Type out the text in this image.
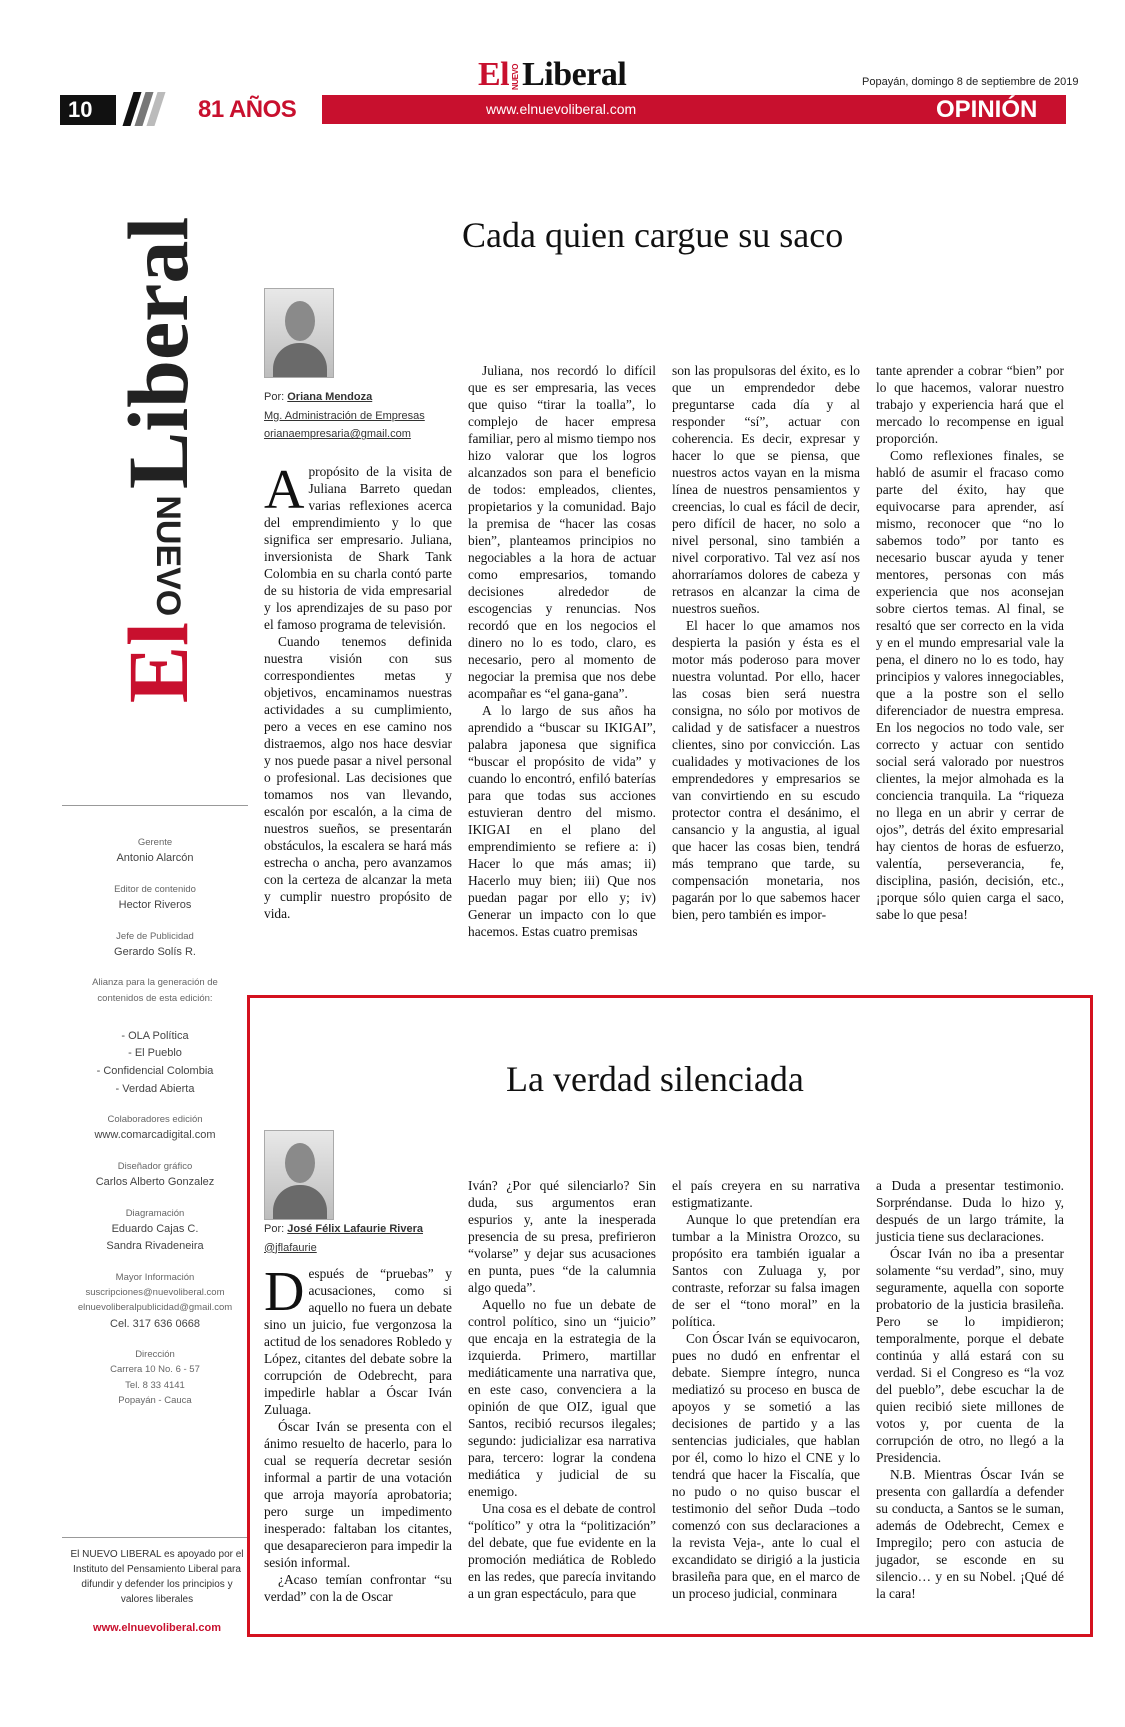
10	81 AÑOS
El NUEVOLiberal	Popayán, domingo 8 de septiembre de 2019
www.elnuevoliberal.com	OPINIÓN
ElNUEVOLiberal
Gerente
Antonio Alarcón
Editor de contenido
Hector Riveros
Jefe de Publicidad
Gerardo Solís R.
Alianza para la generación de contenidos de esta edición:
- OLA Política
- El Pueblo
- Confidencial Colombia
- Verdad Abierta
Colaboradores edición
www.comarcadigital.com
Diseñador gráfico
Carlos Alberto Gonzalez
Diagramación
Eduardo Cajas C.
Sandra Rivadeneira
Mayor Información
suscripciones@nuevoliberal.com
elnuevoliberalpublicidad@gmail.com
Cel. 317 636 0668
Dirección
Carrera 10 No. 6 - 57
Tel. 8 33 4141
Popayán - Cauca
El NUEVO LIBERAL es apoyado por el Instituto del Pensamiento Liberal para difundir y defender los principios y valores liberales
www.elnuevoliberal.com
Cada quien cargue su saco
Por: Oriana Mendoza
Mg. Administración de Empresas
orianaempresaria@gmail.com

Apropósito de la visita de Juliana Barreto quedan varias reflexiones acerca del emprendimiento y lo que significa ser empresario. Juliana, inversionista de Shark Tank Colombia en su charla contó parte de su historia de vida empresarial y los aprendizajes de su paso por el famoso programa de televisión.

Cuando tenemos definida nuestra visión con sus correspondientes metas y objetivos, encaminamos nuestras actividades a su cumplimiento, pero a veces en ese camino nos distraemos, algo nos hace desviar y nos puede pasar a nivel personal o profesional. Las decisiones que tomamos nos van llevando, escalón por escalón, a la cima de nuestros sueños, se presentarán obstáculos, la escalera se hará más estrecha o ancha, pero avanzamos con la certeza de alcanzar la meta y cumplir nuestro propósito de vida.

Juliana, nos recordó lo difícil que es ser empresaria, las veces que quiso “tirar la toalla”, lo complejo de hacer empresa familiar, pero al mismo tiempo nos hizo valorar que los logros alcanzados son para el beneficio de todos: empleados, clientes, propietarios y la comunidad. Bajo la premisa de “hacer las cosas bien”, planteamos principios no negociables a la hora de actuar como empresarios, tomando decisiones alrededor de escogencias y renuncias. Nos recordó que en los negocios el dinero no lo es todo, claro, es necesario, pero al momento de negociar la premisa que nos debe acompañar es “el gana-gana”.

A lo largo de sus años ha aprendido a “buscar su IKIGAI”, palabra japonesa que significa “buscar el propósito de vida” y cuando lo encontró, enfiló baterías para que todas sus acciones estuvieran dentro del mismo. IKIGAI en el plano del emprendimiento se refiere a: i) Hacer lo que más amas; ii) Hacerlo muy bien; iii) Que nos puedan pagar por ello y; iv) Generar un impacto con lo que hacemos. Estas cuatro premisas

son las propulsoras del éxito, es lo que un emprendedor debe preguntarse cada día y al responder “sí”, actuar con coherencia. Es decir, expresar y hacer lo que se piensa, que nuestros actos vayan en la misma línea de nuestros pensamientos y creencias, lo cual es fácil de decir, pero difícil de hacer, no solo a nivel personal, sino también a nivel corporativo. Tal vez así nos ahorraríamos dolores de cabeza y retrasos en alcanzar la cima de nuestros sueños.

El hacer lo que amamos nos despierta la pasión y ésta es el motor más poderoso para mover nuestra voluntad. Por ello, hacer las cosas bien será nuestra consigna, no sólo por motivos de calidad y de satisfacer a nuestros clientes, sino por convicción. Las cualidades y motivaciones de los emprendedores y empresarios se van convirtiendo en su escudo protector contra el desánimo, el cansancio y la angustia, al igual que hacer las cosas bien, tendrá más temprano que tarde, su compensación monetaria, nos pagarán por lo que sabemos hacer bien, pero también es impor-

tante aprender a cobrar “bien” por lo que hacemos, valorar nuestro trabajo y experiencia hará que el mercado lo recompense en igual proporción.

Como reflexiones finales, se habló de asumir el fracaso como parte del éxito, hay que equivocarse para aprender, así mismo, reconocer que “no lo sabemos todo” por tanto es necesario buscar ayuda y tener mentores, personas con más experiencia que nos aconsejan sobre ciertos temas. Al final, se resaltó que ser correcto en la vida y en el mundo empresarial vale la pena, el dinero no lo es todo, hay principios y valores innegociables, que a la postre son el sello diferenciador de nuestra empresa. En los negocios no todo vale, ser correcto y actuar con sentido social será valorado por nuestros clientes, la mejor almohada es la conciencia tranquila. La “riqueza no llega en un abrir y cerrar de ojos”, detrás del éxito empresarial hay cientos de horas de esfuerzo, valentía, perseverancia, fe, disciplina, pasión, decisión, etc., ¡porque sólo quien carga el saco, sabe lo que pesa!

La verdad silenciada
Por: José Félix Lafaurie Rivera
@jflafaurie

Después de “pruebas” y acusaciones, como si aquello no fuera un debate sino un juicio, fue vergonzosa la actitud de los senadores Robledo y López, citantes del debate sobre la corrupción de Odebrecht, para impedirle hablar a Óscar Iván Zuluaga.

Óscar Iván se presenta con el ánimo resuelto de hacerlo, para lo cual se requería decretar sesión informal a partir de una votación que arroja mayoría aprobatoria; pero surge un impedimento inesperado: faltaban los citantes, que desaparecieron para impedir la sesión informal.

¿Acaso temían confrontar “su verdad” con la de Oscar

Iván? ¿Por qué silenciarlo? Sin duda, sus argumentos eran espurios y, ante la inesperada presencia de su presa, prefirieron “volarse” y dejar sus acusaciones en punta, pues “de la calumnia algo queda”.

Aquello no fue un debate de control político, sino un “juicio” que encaja en la estrategia de la izquierda. Primero, martillar mediáticamente una narrativa que, en este caso, convenciera a la opinión de que OIZ, igual que Santos, recibió recursos ilegales; segundo: judicializar esa narrativa para, tercero: lograr la condena mediática y judicial de su enemigo.

Una cosa es el debate de control “político” y otra la “politización” del debate, que fue evidente en la promoción mediática de Robledo en las redes, que parecía invitando a un gran espectáculo, para que

el país creyera en su narrativa estigmatizante.

Aunque lo que pretendían era tumbar a la Ministra Orozco, su propósito era también igualar a Santos con Zuluaga y, por contraste, reforzar su falsa imagen de ser el “tono moral” en la política.

Con Óscar Iván se equivocaron, pues no dudó en enfrentar el debate. Siempre íntegro, nunca mediatizó su proceso en busca de apoyos y se sometió a las decisiones de partido y a las sentencias judiciales, que hablan por él, como lo hizo el CNE y lo tendrá que hacer la Fiscalía, que no pudo o no quiso buscar el testimonio del señor Duda –todo comenzó con sus declaraciones a la revista Veja-, ante lo cual el excandidato se dirigió a la justicia brasileña para que, en el marco de un proceso judicial, conminara

a Duda a presentar testimonio. Sorpréndanse. Duda lo hizo y, después de un largo trámite, la justicia tiene sus declaraciones.

Óscar Iván no iba a presentar solamente “su verdad”, sino, muy seguramente, aquella con soporte probatorio de la justicia brasileña. Pero se lo impidieron; temporalmente, porque el debate continúa y allá estará con su verdad. Si el Congreso es “la voz del pueblo”, debe escuchar la de quien recibió siete millones de votos y, por cuenta de la corrupción de otro, no llegó a la Presidencia.

N.B. Mientras Óscar Iván se presenta con gallardía a defender su conducta, a Santos se le suman, además de Odebrecht, Cemex e Impregilo; pero con astucia de jugador, se esconde en su silencio… y en su Nobel. ¡Qué dé la cara!
